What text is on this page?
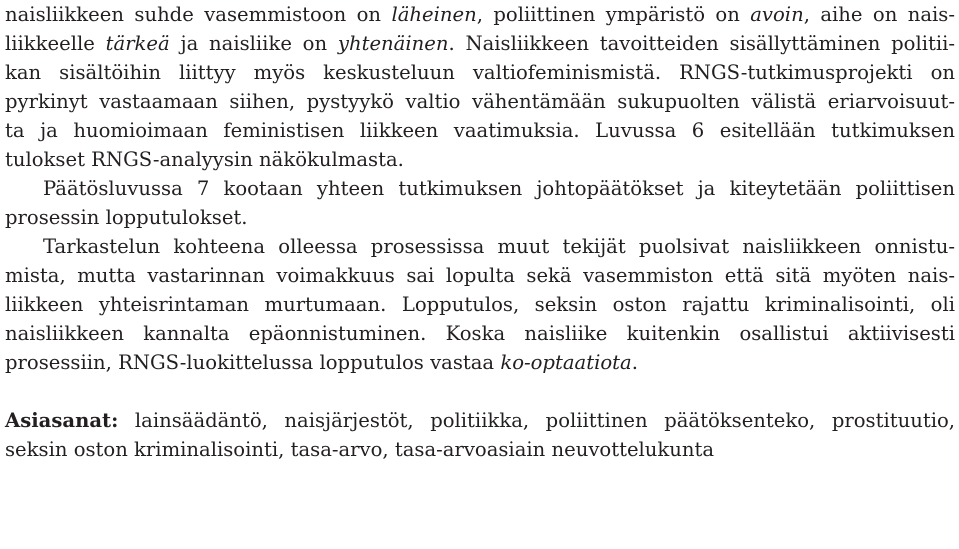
naisliikkeen suhde vasemmistoon on läheinen, poliittinen ympäristö on avoin, aihe on nais-
liikkeelle tärkeä ja naisliike on yhtenäinen. Naisliikkeen tavoitteiden sisällyttäminen politii-
kan sisältöihin liittyy myös keskusteluun valtiofeminismistä. RNGS-tutkimusprojekti on
pyrkinyt vastaamaan siihen, pystyykö valtio vähentämään sukupuolten välistä eriarvoisuut-
ta ja huomioimaan feministisen liikkeen vaatimuksia. Luvussa 6 esitellään tutkimuksen
tulokset RNGS-analyysin näkökulmasta.
Päätösluvussa 7 kootaan yhteen tutkimuksen johtopäätökset ja kiteytetään poliittisen
prosessin lopputulokset.
Tarkastelun kohteena olleessa prosessissa muut tekijät puolsivat naisliikkeen onnistu-
mista, mutta vastarinnan voimakkuus sai lopulta sekä vasemmiston että sitä myöten nais-
liikkeen yhteisrintaman murtumaan. Lopputulos, seksin oston rajattu kriminalisointi, oli
naisliikkeen kannalta epäonnistuminen. Koska naisliike kuitenkin osallistui aktiivisesti
prosessiin, RNGS-luokittelussa lopputulos vastaa ko-optaatiota.
Asiasanat: lainsäädäntö, naisjärjestöt, politiikka, poliittinen päätöksenteko, prostituutio,
seksin oston kriminalisointi, tasa-arvo, tasa-arvoasiain neuvottelukunta
